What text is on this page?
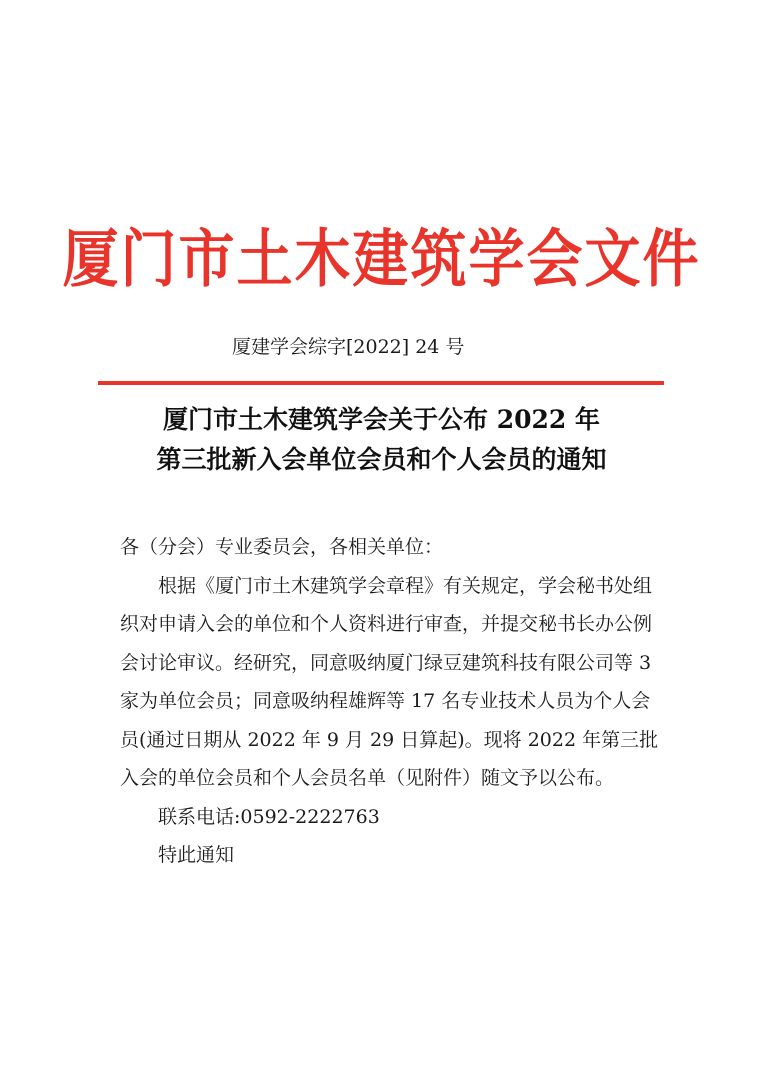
厦门市土木建筑学会文件
厦建学会综字[2022] 24 号
厦门市土木建筑学会关于公布 2022 年
第三批新入会单位会员和个人会员的通知

各（分会）专业委员会，各相关单位：

根据《厦门市土木建筑学会章程》有关规定，学会秘书处组织对申请入会的单位和个人资料进行审查，并提交秘书长办公例会讨论审议。经研究，同意吸纳厦门绿豆建筑科技有限公司等 3 家为单位会员；同意吸纳程雄辉等 17 名专业技术人员为个人会员(通过日期从 2022 年 9 月 29 日算起)。现将 2022 年第三批入会的单位会员和个人会员名单（见附件）随文予以公布。

联系电话:0592-2222763

特此通知
